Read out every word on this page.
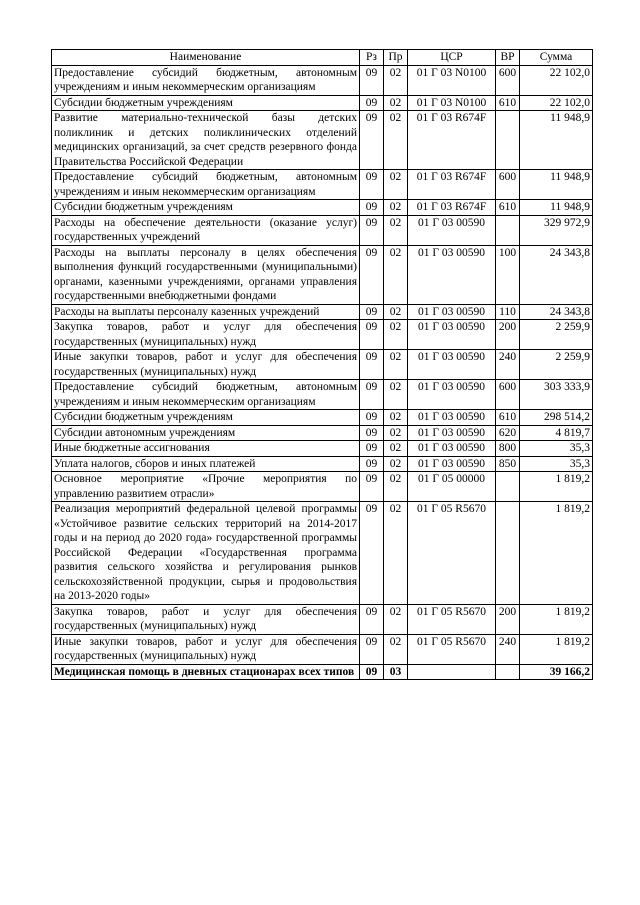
Наименование	Рз	Пр	ЦСР	ВР	Сумма
Предоставление субсидий бюджетным, автономным учреждениям и иным некоммерческим организациям	09	02	01 Г 03 N0100	600	22 102,0
Субсидии бюджетным учреждениям	09	02	01 Г 03 N0100	610	22 102,0
Развитие материально-технической базы детских поликлиник и детских поликлинических отделений медицинских организаций, за счет средств резервного фонда Правительства Российской Федерации	09	02	01 Г 03 R674F		11 948,9
Предоставление субсидий бюджетным, автономным учреждениям и иным некоммерческим организациям	09	02	01 Г 03 R674F	600	11 948,9
Субсидии бюджетным учреждениям	09	02	01 Г 03 R674F	610	11 948,9
Расходы на обеспечение деятельности (оказание услуг) государственных учреждений	09	02	01 Г 03 00590		329 972,9
Расходы на выплаты персоналу в целях обеспечения выполнения функций государственными (муниципальными) органами, казенными учреждениями, органами управления государственными внебюджетными фондами	09	02	01 Г 03 00590	100	24 343,8
Расходы на выплаты персоналу казенных учреждений	09	02	01 Г 03 00590	110	24 343,8
Закупка товаров, работ и услуг для обеспечения государственных (муниципальных) нужд	09	02	01 Г 03 00590	200	2 259,9
Иные закупки товаров, работ и услуг для обеспечения государственных (муниципальных) нужд	09	02	01 Г 03 00590	240	2 259,9
Предоставление субсидий бюджетным, автономным учреждениям и иным некоммерческим организациям	09	02	01 Г 03 00590	600	303 333,9
Субсидии бюджетным учреждениям	09	02	01 Г 03 00590	610	298 514,2
Субсидии автономным учреждениям	09	02	01 Г 03 00590	620	4 819,7
Иные бюджетные ассигнования	09	02	01 Г 03 00590	800	35,3
Уплата налогов, сборов и иных платежей	09	02	01 Г 03 00590	850	35,3
Основное мероприятие «Прочие мероприятия по управлению развитием отрасли»	09	02	01 Г 05 00000		1 819,2
Реализация мероприятий федеральной целевой программы «Устойчивое развитие сельских территорий на 2014-2017 годы и на период до 2020 года» государственной программы Российской Федерации «Государственная программа развития сельского хозяйства и регулирования рынков сельскохозяйственной продукции, сырья и продовольствия на 2013-2020 годы»	09	02	01 Г 05 R5670		1 819,2
Закупка товаров, работ и услуг для обеспечения государственных (муниципальных) нужд	09	02	01 Г 05 R5670	200	1 819,2
Иные закупки товаров, работ и услуг для обеспечения государственных (муниципальных) нужд	09	02	01 Г 05 R5670	240	1 819,2
Медицинская помощь в дневных стационарах всех типов	09	03			39 166,2
